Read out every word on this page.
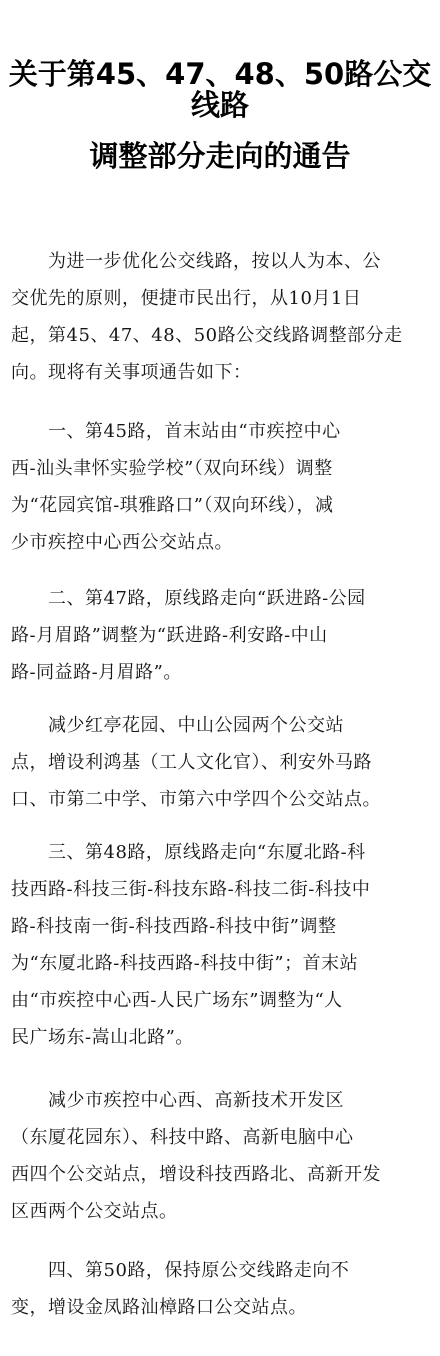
关于第45、47、48、50路公交
线路
调整部分走向的通告
　　为进一步优化公交线路，按以人为本、公
交优先的原则，便捷市民出行，从10月1日
起，第45、47、48、50路公交线路调整部分走
向。现将有关事项通告如下：
　　一、第45路，首末站由“市疾控中心
西-汕头聿怀实验学校”（双向环线）调整
为“花园宾馆-琪雅路口”（双向环线），减
少市疾控中心西公交站点。
　　二、第47路，原线路走向“跃进路-公园
路-月眉路”调整为“跃进路-利安路-中山
路-同益路-月眉路”。
　　减少红亭花园、中山公园两个公交站
点，增设利鸿基（工人文化官）、利安外马路
口、市第二中学、市第六中学四个公交站点。
　　三、第48路，原线路走向“东厦北路-科
技西路-科技三街-科技东路-科技二街-科技中
路-科技南一街-科技西路-科技中街”调整
为“东厦北路-科技西路-科技中街”；首末站
由“市疾控中心西-人民广场东”调整为“人
民广场东-嵩山北路”。
　　减少市疾控中心西、高新技术开发区
（东厦花园东）、科技中路、高新电脑中心
西四个公交站点，增设科技西路北、高新开发
区西两个公交站点。
　　四、第50路，保持原公交线路走向不
变，增设金凤路汕樟路口公交站点。
